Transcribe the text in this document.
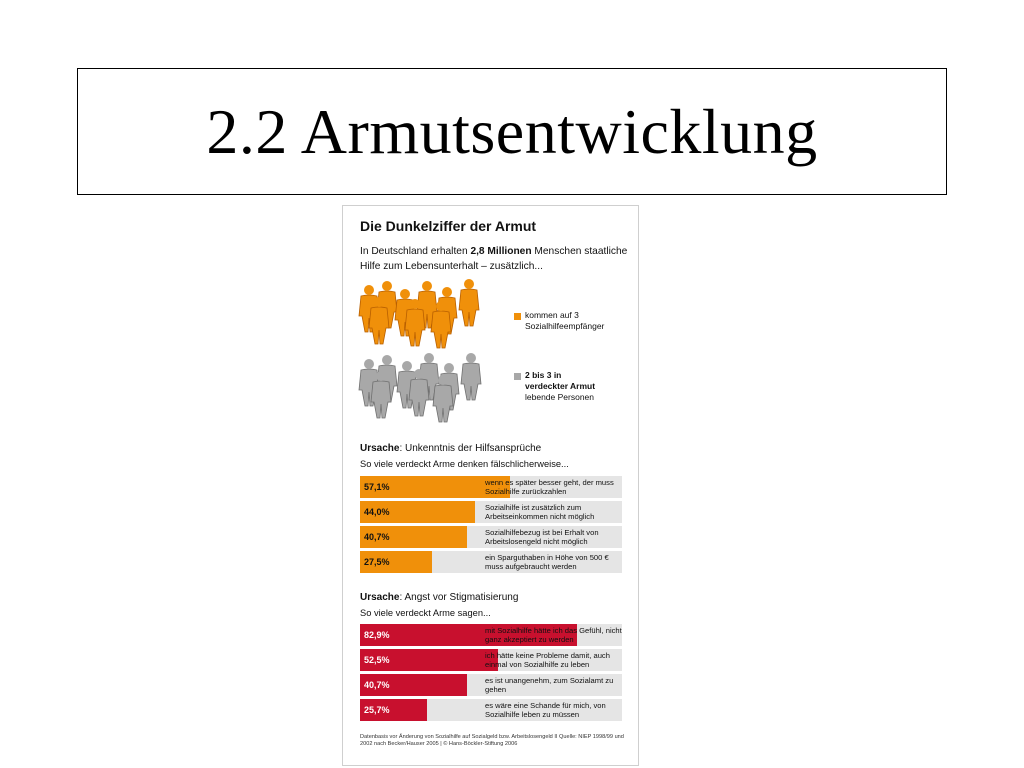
2.2 Armutsentwicklung
Die Dunkelziffer der Armut
In Deutschland erhalten 2,8 Millionen Menschen staatliche Hilfe zum Lebensunterhalt – zusätzlich...
kommen auf 3
Sozialhilfeempfänger
2 bis 3 in
verdeckter Armut
lebende Personen
Ursache: Unkenntnis der Hilfsansprüche
So viele verdeckt Arme denken fälschlicherweise...
57,1%	wenn es später besser geht, der muss Sozialhilfe zurückzahlen
44,0%	Sozialhilfe ist zusätzlich zum Arbeitseinkommen nicht möglich
40,7%	Sozialhilfebezug ist bei Erhalt von Arbeitslosengeld nicht möglich
27,5%	ein Sparguthaben in Höhe von 500 € muss aufgebraucht werden
Ursache: Angst vor Stigmatisierung
So viele verdeckt Arme sagen...
82,9%	mit Sozialhilfe hätte ich das Gefühl, nicht ganz akzeptiert zu werden
52,5%	ich hätte keine Probleme damit, auch einmal von Sozialhilfe zu leben
40,7%	es ist unangenehm, zum Sozialamt zu gehen
25,7%	es wäre eine Schande für mich, von Sozialhilfe leben zu müssen
Datenbasis vor Änderung von Sozialhilfe auf Sozialgeld bzw. Arbeitslosengeld II Quelle: NIEP 1998/99 und 2002 nach Becker/Hauser 2005 | © Hans-Böckler-Stiftung 2006
